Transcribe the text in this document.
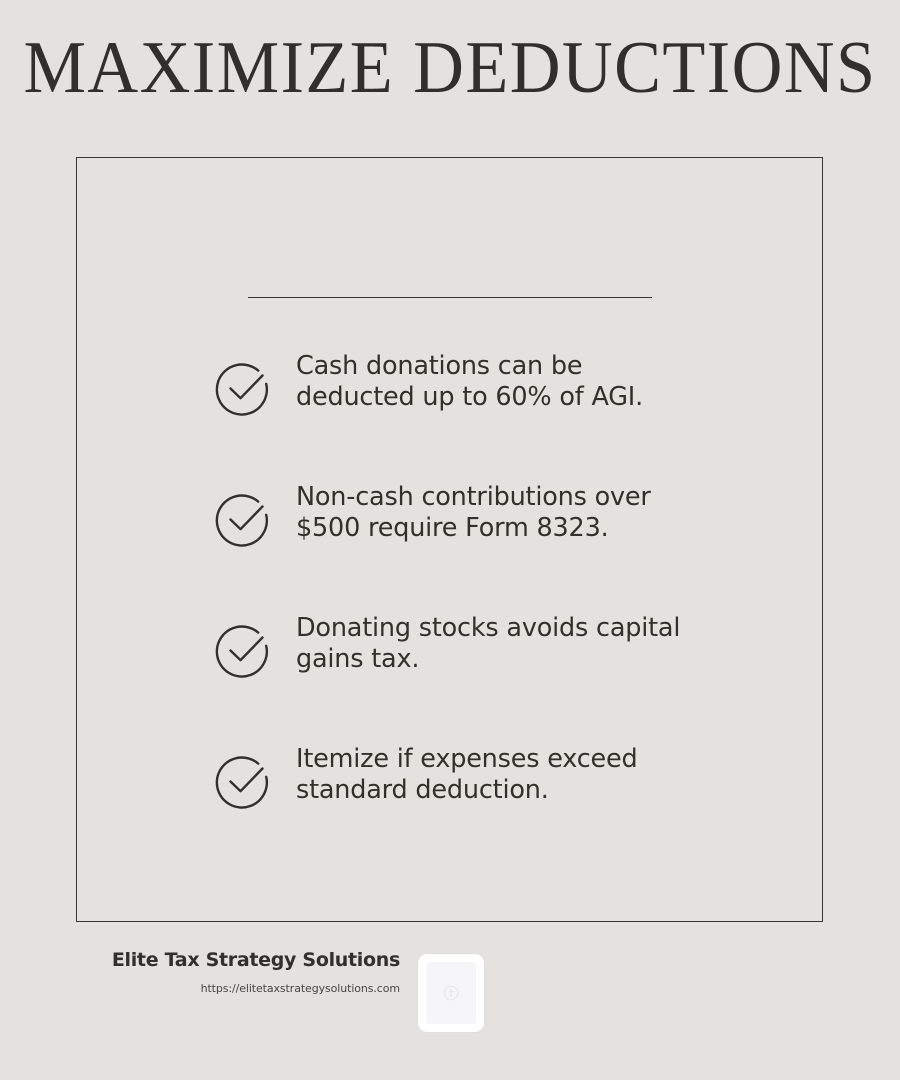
MAXIMIZE DEDUCTIONS
Cash donations can be deducted up to 60% of AGI.
Non-cash contributions over $500 require Form 8323.
Donating stocks avoids capital gains tax.
Itemize if expenses exceed standard deduction.
Elite Tax Strategy Solutions
https://elitetaxstrategysolutions.com
